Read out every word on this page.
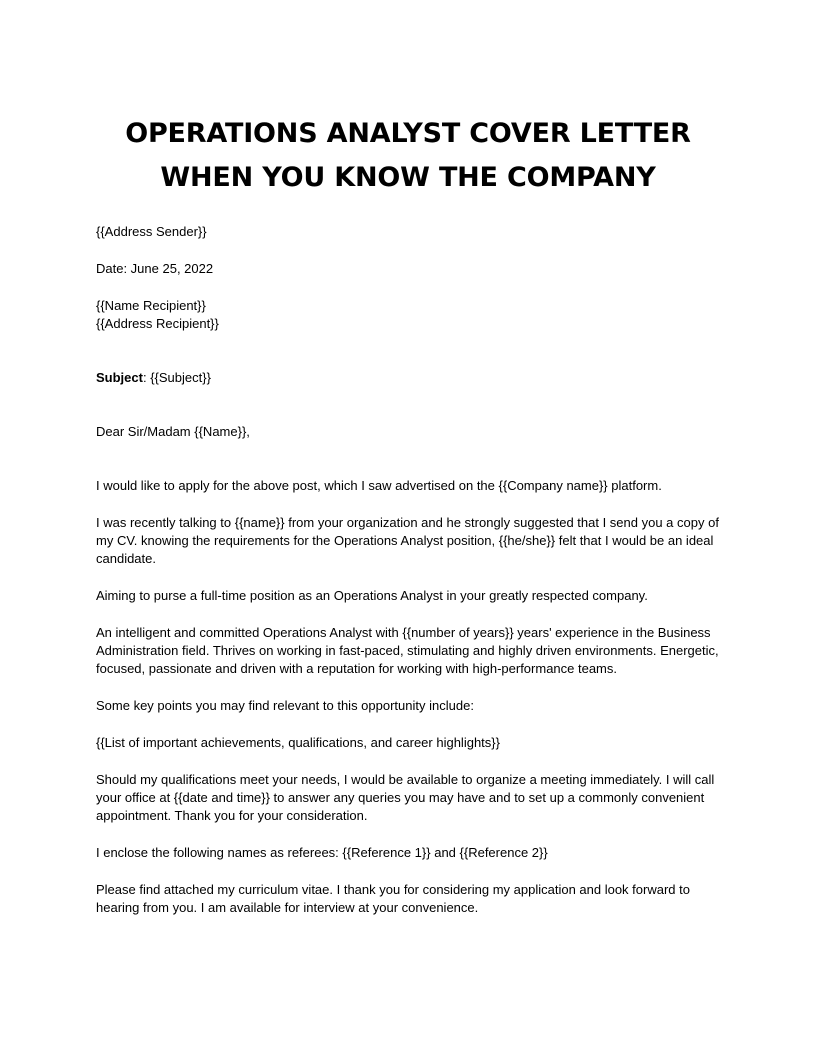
OPERATIONS ANALYST COVER LETTER
WHEN YOU KNOW THE COMPANY

{{Address Sender}}

Date: June 25, 2022

{{Name Recipient}}

{{Address Recipient}}

Subject: {{Subject}}

Dear Sir/Madam {{Name}},

I would like to apply for the above post, which I saw advertised on the {{Company name}} platform.

I was recently talking to {{name}} from your organization and he strongly suggested that I send you a copy of my CV. knowing the requirements for the Operations Analyst position, {{he/she}} felt that I would be an ideal candidate.

Aiming to purse a full-time position as an Operations Analyst in your greatly respected company.

An intelligent and committed Operations Analyst with {{number of years}} years' experience in the Business Administration field. Thrives on working in fast-paced, stimulating and highly driven environments. Energetic, focused, passionate and driven with a reputation for working with high-performance teams.

Some key points you may find relevant to this opportunity include:

{{List of important achievements, qualifications, and career highlights}}

Should my qualifications meet your needs, I would be available to organize a meeting immediately. I will call your office at {{date and time}} to answer any queries you may have and to set up a commonly convenient appointment. Thank you for your consideration.

I enclose the following names as referees: {{Reference 1}} and {{Reference 2}}

Please find attached my curriculum vitae. I thank you for considering my application and look forward to hearing from you. I am available for interview at your convenience.
